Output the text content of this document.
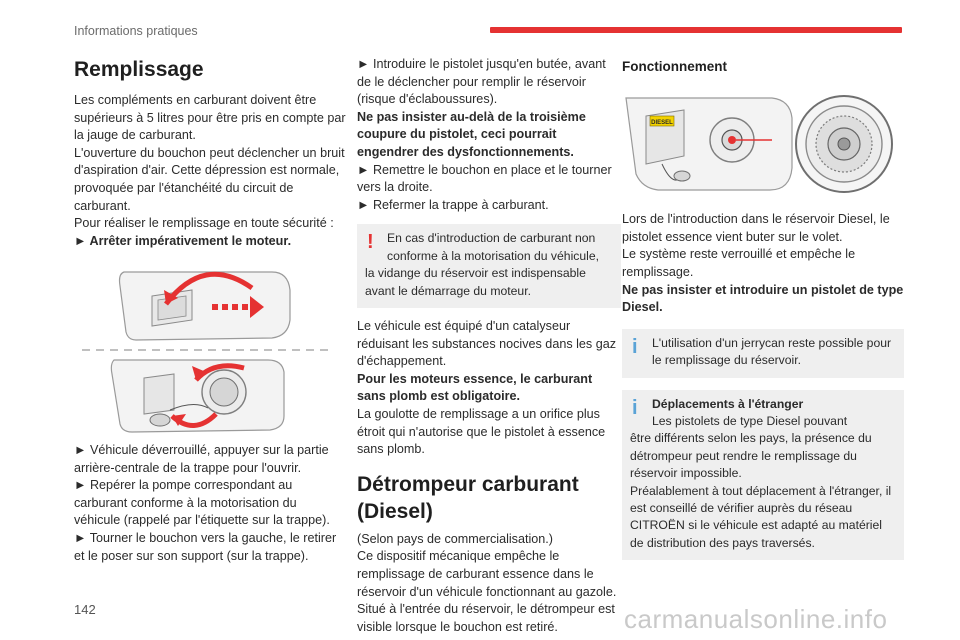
Informations pratiques
Remplissage

Les compléments en carburant doivent être supérieurs à 5 litres pour être pris en compte par la jauge de carburant.

L'ouverture du bouchon peut déclencher un bruit d'aspiration d'air. Cette dépression est normale, provoquée par l'étanchéité du circuit de carburant.

Pour réaliser le remplissage en toute sécurité :

► Arrêter impérativement le moteur.

► Véhicule déverrouillé, appuyer sur la partie arrière-centrale de la trappe pour l'ouvrir.

► Repérer la pompe correspondant au carburant conforme à la motorisation du véhicule (rappelé par l'étiquette sur la trappe).

► Tourner le bouchon vers la gauche, le retirer et le poser sur son support (sur la trappe).

► Introduire le pistolet jusqu'en butée, avant de le déclencher pour remplir le réservoir (risque d'éclaboussures).

Ne pas insister au-delà de la troisième coupure du pistolet, ceci pourrait engendrer des dysfonctionnements.

► Remettre le bouchon en place et le tourner vers la droite.

► Refermer la trappe à carburant.

!	En cas d'introduction de carburant non conforme à la motorisation du véhicule,

la vidange du réservoir est indispensable avant le démarrage du moteur.

Le véhicule est équipé d'un catalyseur réduisant les substances nocives dans les gaz d'échappement.

Pour les moteurs essence, le carburant sans plomb est obligatoire.

La goulotte de remplissage a un orifice plus étroit qui n'autorise que le pistolet à essence sans plomb.

Détrompeur carburant (Diesel)

(Selon pays de commercialisation.)

Ce dispositif mécanique empêche le remplissage de carburant essence dans le réservoir d'un véhicule fonctionnant au gazole.

Situé à l'entrée du réservoir, le détrompeur est visible lorsque le bouchon est retiré.

Fonctionnement
DIESEL

Lors de l'introduction dans le réservoir Diesel, le pistolet essence vient buter sur le volet.

Le système reste verrouillé et empêche le remplissage.

Ne pas insister et introduire un pistolet de type Diesel.

i	L'utilisation d'un jerrycan reste possible pour le remplissage du réservoir.

i	Déplacements à l'étranger

Les pistolets de type Diesel pouvant

être différents selon les pays, la présence du détrompeur peut rendre le remplissage du réservoir impossible.

Préalablement à tout déplacement à l'étranger, il est conseillé de vérifier auprès du réseau CITROËN si le véhicule est adapté au matériel de distribution des pays traversés.

142	carmanualsonline.info
